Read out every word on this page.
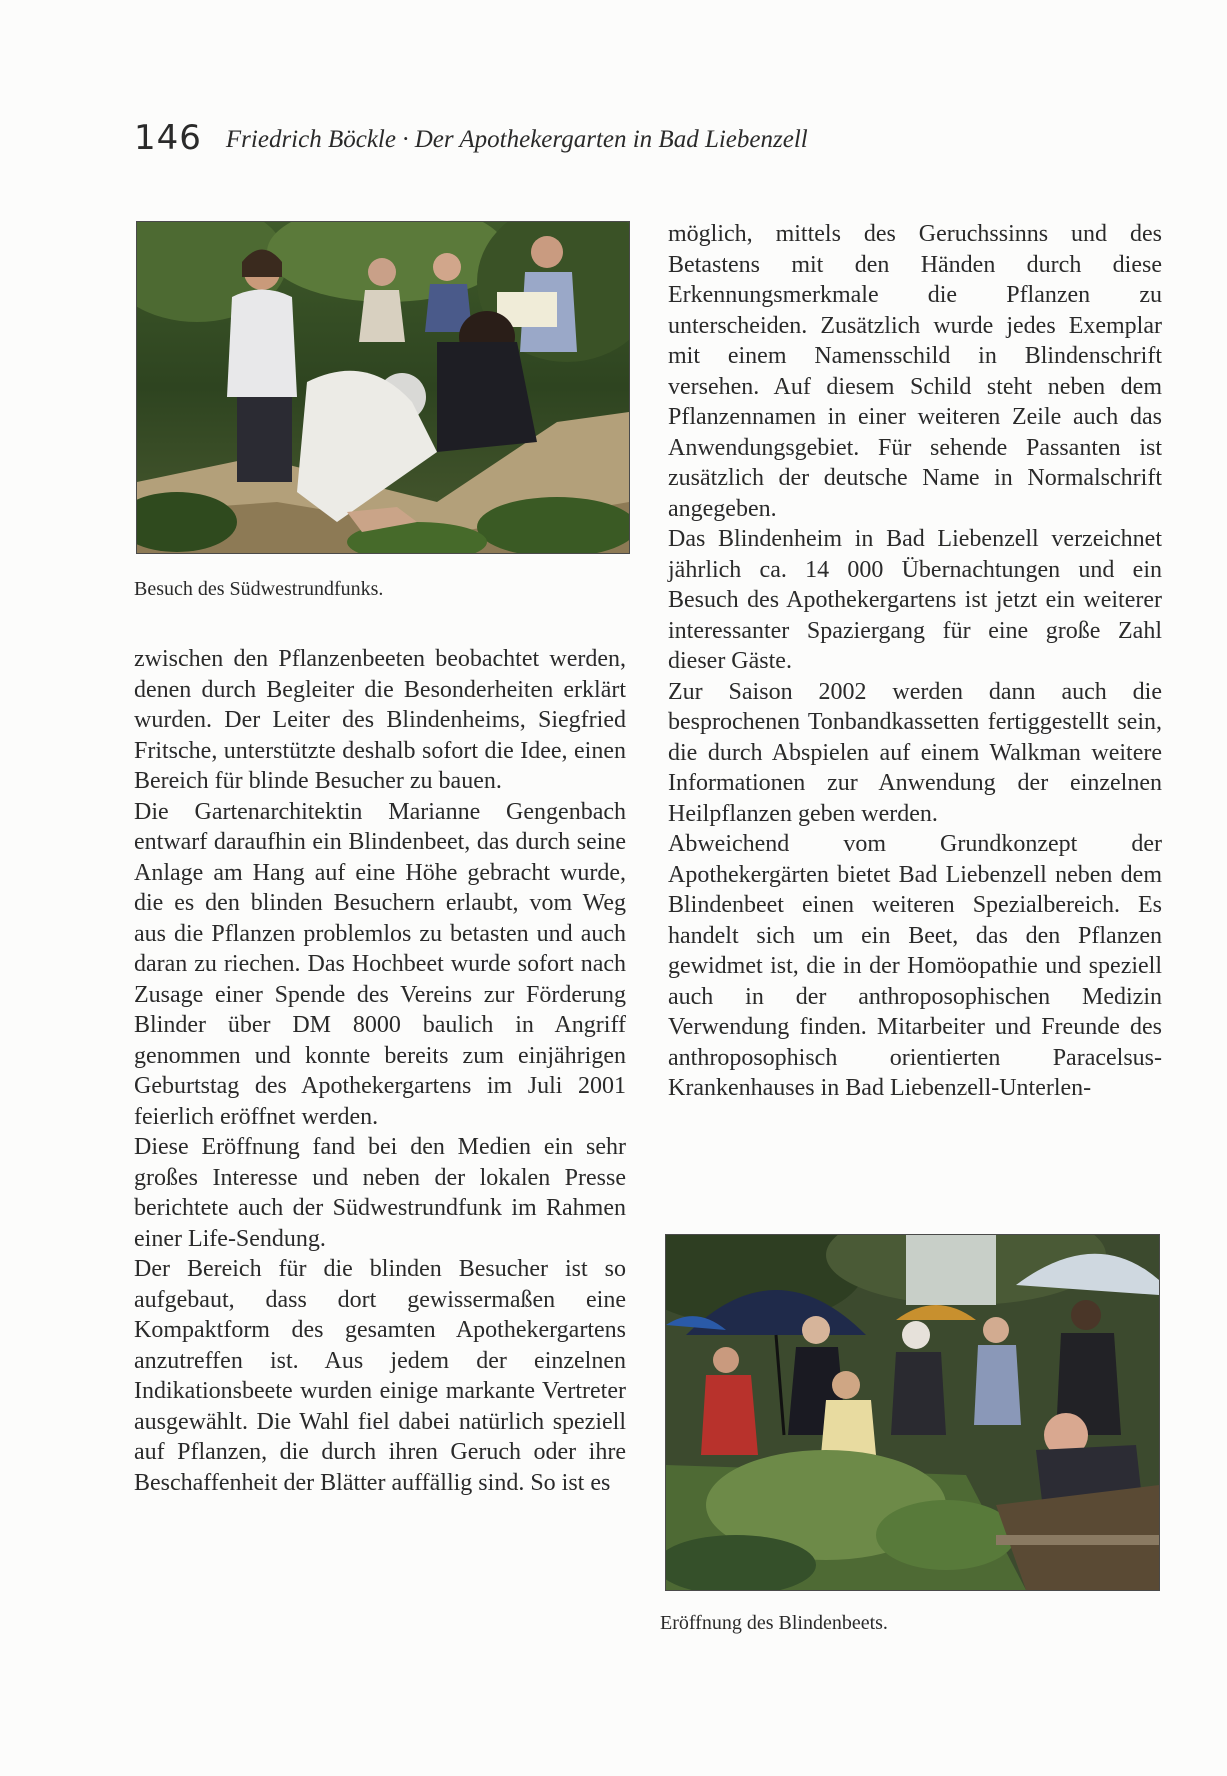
146 Friedrich Böckle · Der Apothekergarten in Bad Liebenzell
Besuch des Südwestrundfunks.

zwischen den Pflanzenbeeten beobachtet werden, denen durch Begleiter die Besonderheiten erklärt wurden. Der Leiter des Blindenheims, Siegfried Fritsche, unterstützte deshalb sofort die Idee, einen Bereich für blinde Besucher zu bauen.

Die Gartenarchitektin Marianne Gengenbach entwarf daraufhin ein Blindenbeet, das durch seine Anlage am Hang auf eine Höhe gebracht wurde, die es den blinden Besuchern erlaubt, vom Weg aus die Pflanzen problemlos zu betasten und auch daran zu riechen. Das Hochbeet wurde sofort nach Zusage einer Spende des Vereins zur Förderung Blinder über DM 8000 baulich in Angriff genommen und konnte bereits zum einjährigen Geburtstag des Apothekergartens im Juli 2001 feierlich eröffnet werden.

Diese Eröffnung fand bei den Medien ein sehr großes Interesse und neben der lokalen Presse berichtete auch der Südwestrundfunk im Rahmen einer Life-Sendung.

Der Bereich für die blinden Besucher ist so aufgebaut, dass dort gewissermaßen eine Kompaktform des gesamten Apothekergartens anzutreffen ist. Aus jedem der einzelnen Indikationsbeete wurden einige markante Vertreter ausgewählt. Die Wahl fiel dabei natürlich speziell auf Pflanzen, die durch ihren Geruch oder ihre Beschaffenheit der Blätter auffällig sind. So ist es

möglich, mittels des Geruchssinns und des Betastens mit den Händen durch diese Erkennungsmerkmale die Pflanzen zu unterscheiden. Zusätzlich wurde jedes Exemplar mit einem Namensschild in Blindenschrift versehen. Auf diesem Schild steht neben dem Pflanzennamen in einer weiteren Zeile auch das Anwendungsgebiet. Für sehende Passanten ist zusätzlich der deutsche Name in Normalschrift angegeben.

Das Blindenheim in Bad Liebenzell verzeichnet jährlich ca. 14 000 Übernachtungen und ein Besuch des Apothekergartens ist jetzt ein weiterer interessanter Spaziergang für eine große Zahl dieser Gäste.

Zur Saison 2002 werden dann auch die besprochenen Tonbandkassetten fertiggestellt sein, die durch Abspielen auf einem Walkman weitere Informationen zur Anwendung der einzelnen Heilpflanzen geben werden.

Abweichend vom Grundkonzept der Apothekergärten bietet Bad Liebenzell neben dem Blindenbeet einen weiteren Spezialbereich. Es handelt sich um ein Beet, das den Pflanzen gewidmet ist, die in der Homöopathie und speziell auch in der anthroposophischen Medizin Verwendung finden. Mitarbeiter und Freunde des anthroposophisch orientierten Paracelsus-Krankenhauses in Bad Liebenzell-Unterlen-

Eröffnung des Blindenbeets.
